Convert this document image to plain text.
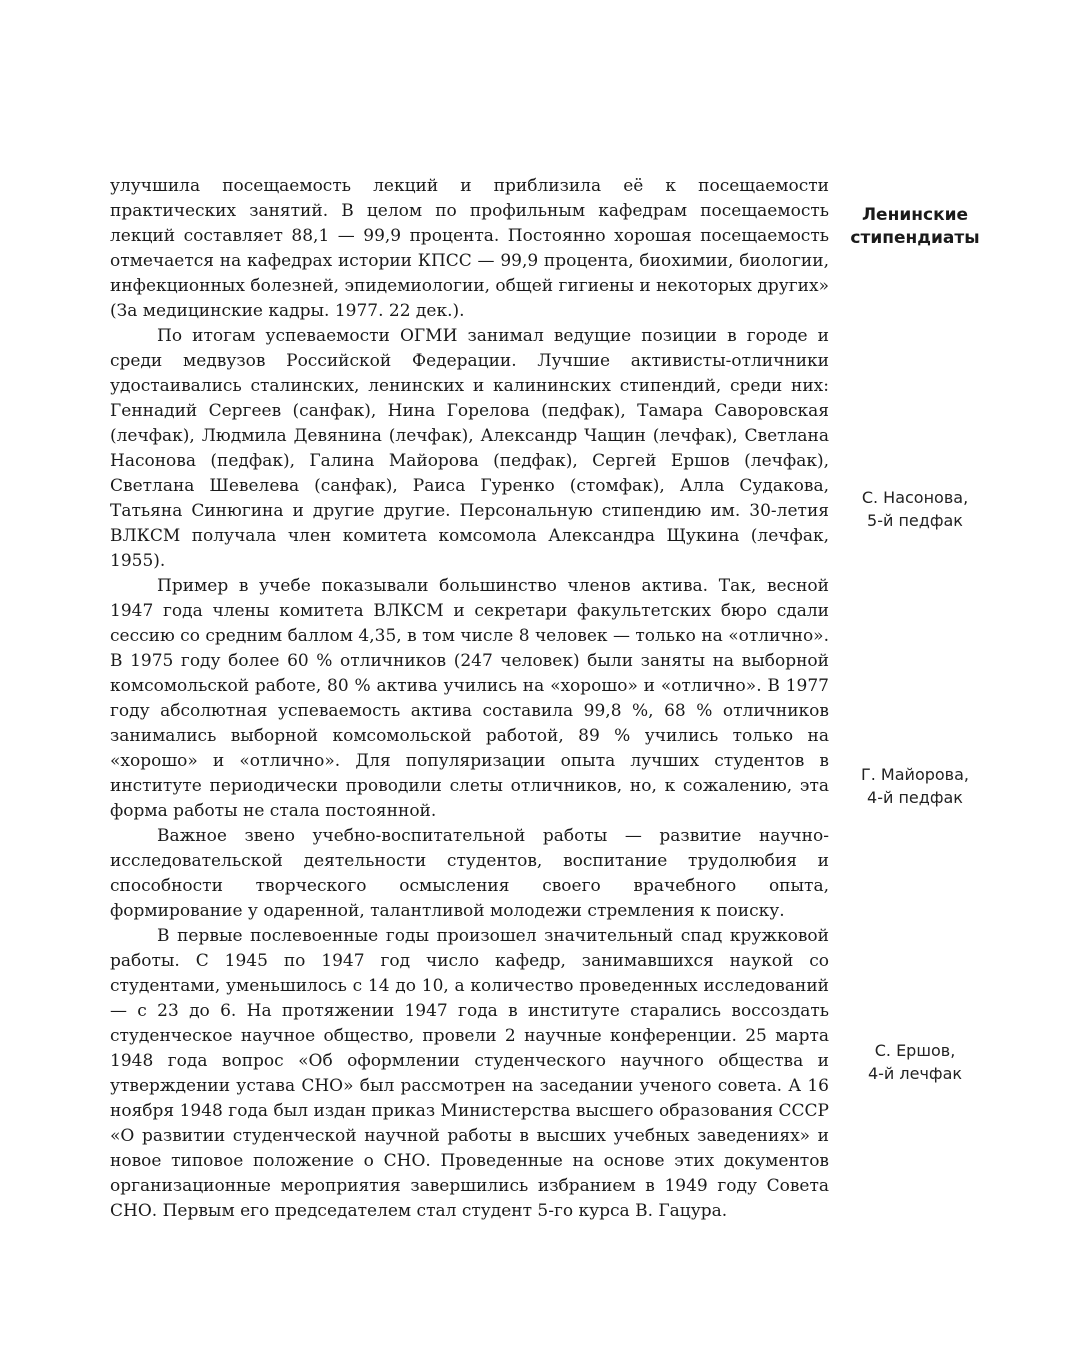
улучшила посещаемость лекций и приблизила её к посещаемости практических занятий. В целом по профильным кафедрам посещаемость лекций составляет 88,1 — 99,9 процента. Постоянно хорошая посещаемость отмечается на кафедрах истории КПСС — 99,9 процента, биохимии, биологии, инфекционных болезней, эпидемиологии, общей гигиены и некоторых других» (За медицинские кадры. 1977. 22 дек.).

По итогам успеваемости ОГМИ занимал ведущие позиции в городе и среди медвузов Российской Федерации. Лучшие активисты-отличники удостаивались сталинских, ленинских и калининских стипендий, среди них: Геннадий Сергеев (санфак), Нина Горелова (педфак), Тамара Саворовская (лечфак), Людмила Девянина (лечфак), Александр Чащин (лечфак), Светлана Насонова (педфак), Галина Майорова (педфак), Сергей Ершов (лечфак), Светлана Шевелева (санфак), Раиса Гуренко (стомфак), Алла Судакова, Татьяна Синюгина и другие другие. Персональную стипендию им. 30-летия ВЛКСМ получала член комитета комсомола Александра Щукина (лечфак, 1955).

Пример в учебе показывали большинство членов актива. Так, весной 1947 года члены комитета ВЛКСМ и секретари факультетских бюро сдали сессию со средним баллом 4,35, в том числе 8 человек — только на «отлично». В 1975 году более 60 % отличников (247 человек) были заняты на выборной комсомольской работе, 80 % актива учились на «хорошо» и «отлично». В 1977 году абсолютная успеваемость актива составила 99,8 %, 68 % отличников занимались выборной комсомольской работой, 89 % учились только на «хорошо» и «отлично». Для популяризации опыта лучших студентов в институте периодически проводили слеты отличников, но, к сожалению, эта форма работы не стала постоянной.

Важное звено учебно-воспитательной работы — развитие научно-исследовательской деятельности студентов, воспитание трудолюбия и способности творческого осмысления своего врачебного опыта, формирование у одаренной, талантливой молодежи стремления к поиску.

В первые послевоенные годы произошел значительный спад кружковой работы. С 1945 по 1947 год число кафедр, занимавшихся наукой со студентами, уменьшилось с 14 до 10, а количество проведенных исследований — с 23 до 6. На протяжении 1947 года в институте старались воссоздать студенческое научное общество, провели 2 научные конференции. 25 марта 1948 года вопрос «Об оформлении студенческого научного общества и утверждении устава СНО» был рассмотрен на заседании ученого совета. А 16 ноября 1948 года был издан приказ Министерства высшего образования СССР «О развитии студенческой научной работы в высших учебных заведениях» и новое типовое положение о СНО. Проведенные на основе этих документов организационные мероприятия завершились избранием в 1949 году Совета СНО. Первым его председателем стал студент 5-го курса В. Гацура.

Ленинские
стипендиаты
С. Насонова,
5-й педфак
Г. Майорова,
4-й педфак
С. Ершов,
4-й лечфак
